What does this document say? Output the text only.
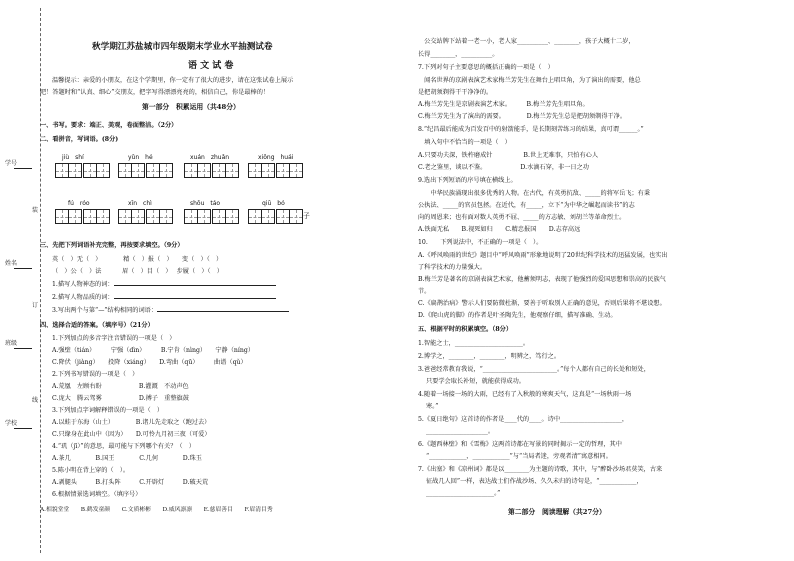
学号
姓名
班级
学校
装
订
线
秋学期江苏盐城市四年级期末学业水平抽测试卷
语 文 试 卷
温馨提示：亲爱的小朋友，在这个学期里，你一定有了很大的进步，请在这张试卷上展示
吧！答题时和“认真、细心”交朋友，把字写得漂漂亮亮的，相信自己，你是最棒的！
第一部分　积累运用（共48分）
一、书写。要求：端正、美观，卷面整洁。（2分）
二、看拼音，写词语。(8分)
jiù　shí	yǔn　hé	xuán　zhuǎn	xiōng　huái
fú　róo	xīn　chì	shōu　táo	qiū　bó
子
三、先把下列词语补充完整，再按要求填空。（9分）
英（　）无（　）　　　　精（　）报（　）　　变（　）（　）
（　）公（　）法　　　 眉（　）目（　）　 步履（　）（　）
1.描写人物神态的词：
2.描写人物品质的词：
3.写出两个与第“—”结构相同的词语：
四、选择合适的答案。（填序号）（21分）
1.下列加点的多音字注音错误的一项是（　）
A.强壁（tián）　　　宁强（dìn）　　　B.宁肯（nìng）　　宁静（níng）
C.降伏（jiàng）　　投降（xiáng）　　D.弯曲（qū）　　　曲谱（qǔ）
2.下列书写错误的一项是（　）
A.荒凰　左顾右盼　　　　　　B.灌溉　不动声色
C.庞大　腾云驾雾　　　　　　D.搏子　重整旗鼓
3.下列加点字词解释错误的一项是（　）
A.以蛙于东海（山土）　　　　B.诸儿先走取之（跑过去）
C.只缘身在此山中（因为）　　D.可怜九月初三夜（可爱）
4.“玑（jī）”的意思，最可能与下列哪个有关？（　）
A.茶几　　　　B.国王　　　　C.几何　　　　D.珠玉
5.陈小明在背上穿的（　）。
A.剥腿头　　　B.打头阵　　　C.开辟灯　　　D.破天荒
6.根据情景选词填空。（填序号）
A.相貌堂堂　　B.鹤发童颜　　C.文质彬彬　　D.威风凛凛　　E.慈眉善目　　F.眉清目秀
　公交站牌下站着一老一小，老人家__________、________，孩子大概十二岁，
长得________，__________。
7.下列对句子主要意思的概括正确的一项是（　）
　闻名世界的京剧表演艺术家梅兰芳先生在舞台上唱旦角，为了演出的需要，他总
是把胡须剃得干干净净的。
A.梅兰芳先生是京剧表演艺术家。　　　B.梅兰芳先生唱旦角。
C.梅兰芳先生为了演出的需要。　　　　D.梅兰芳先生总是把胡须剃得干净。
8.“纪昌最后能成为百发百中的射箭能手，是长期刻苦练习的结果，真可谓______。”
　填入句中不恰当的一项是（　）
A.只要功夫深，铁杵磨成针　　　　　B.世上无难事，只怕有心人
C.老之鉴里，谈以不鉴。　　　　　　D.水滴石穿，非一日之功
9.选出下列短语的序号填在横线上。
　　中华民族涌现出很多优秀的人物。在古代，有英勇抗敌、_____的将军岳飞；有秉
公执法、_____的官员包拯。在近代，有_____，立下“为中华之崛起而读书”的志
向的周恩来；也有面对数人英勇不屈、_____的方志敏、刘胡兰等革命烈士。
A.铁面无私　　B.视死如归　　C.精忠报国　　D.志存高远
10.　　下列说法中，不正确的一项是（　）。
A.《呼风唤雨的世纪》题目中“呼风唤雨”形象地说明了20世纪科学技术的迅猛发展，也实出
了科学技术的力量强大。
B.梅兰芳是著名的京剧表演艺术家，他蓄须明志，表现了他强烈的爱国思想和崇高的民族气
节。
C.《扁鹊治病》警示人们要防微杜渐，要善于听取别人正确的意见，否则后果将不堪设想。
D.《爬山虎的脚》的作者是叶圣陶先生，他观察仔细，描写准确、生动。
五、根据平时的积累填空。（8分）
1.智能之士，______________________。
2.博学之，________，________，明辨之，笃行之。
3.爸爸经常教育我说，“________________________。”每个人都有自己的长处和短处，
只要学会取长补短，就能获得成功。
4.随着一场接一场的大雨，已经有了入秋般的寒爽天气，这真是“一场秋雨一场
寒。”
5.《夏日绝句》这首诗的作者是____代的____。诗中____________________，
____________________。
6.《题西林壁》和《雪梅》这两首诗都在写景的同时揭示一定的哲理，其中
“____________，____________”与“当局者迷，旁观者清”寓意相同。
7.《出塞》和《凉州词》都是以________为主题的诗歌，其中，与“醉卧沙场君莫笑，古来
征战几人回”一样，表达战士们作战沙场、久久未归的诗句是，“____________，
______________________。”
第二部分　阅读理解（共27分）
